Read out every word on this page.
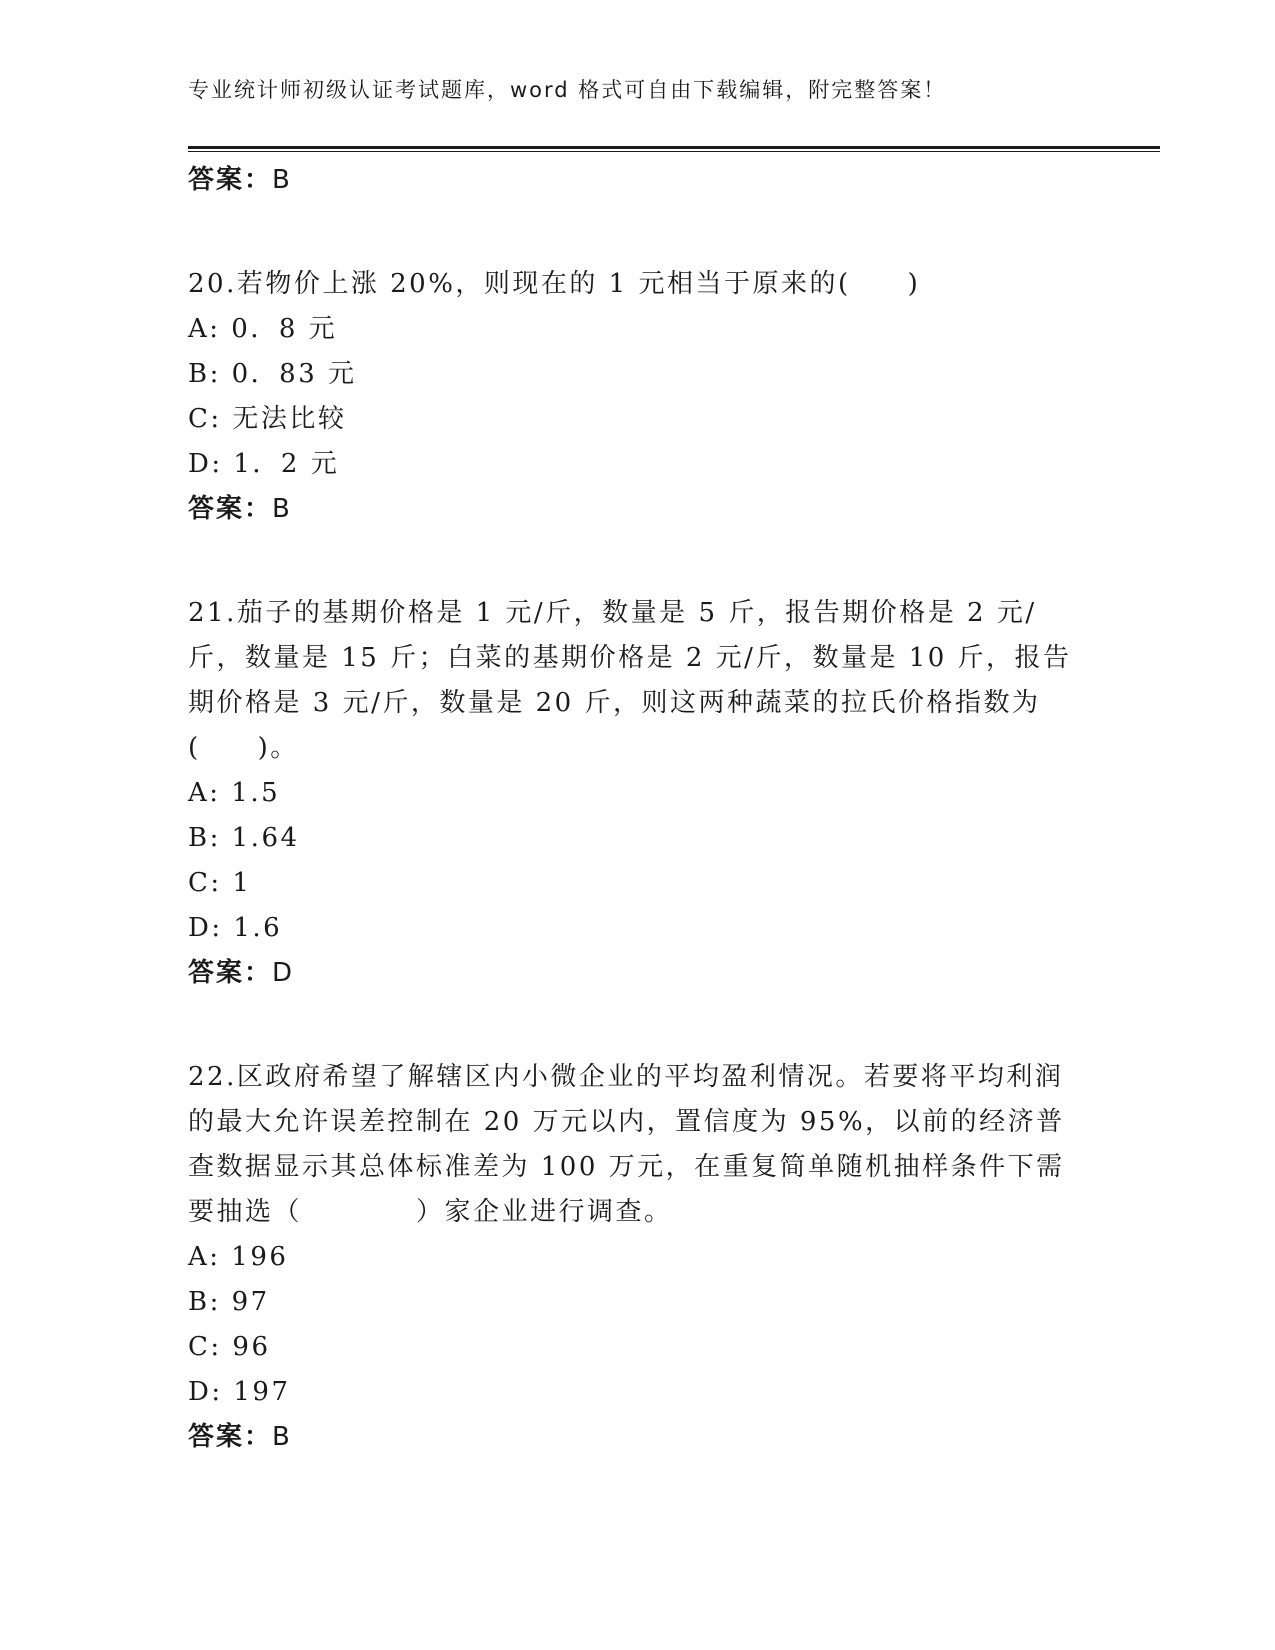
专业统计师初级认证考试题库，word 格式可自由下载编辑，附完整答案！
答案：B
20.若物价上涨 20%，则现在的 1 元相当于原来的(　　)
A: 0．8 元
B: 0．83 元
C: 无法比较
D: 1．2 元
答案：B
21.茄子的基期价格是 1 元/斤，数量是 5 斤，报告期价格是 2 元/斤，数量是 15 斤；白菜的基期价格是 2 元/斤，数量是 10 斤，报告期价格是 3 元/斤，数量是 20 斤，则这两种蔬菜的拉氏价格指数为(　　)。
A: 1.5
B: 1.64
C: 1
D: 1.6
答案：D
22.区政府希望了解辖区内小微企业的平均盈利情况。若要将平均利润的最大允许误差控制在 20 万元以内，置信度为 95%，以前的经济普查数据显示其总体标准差为 100 万元，在重复简单随机抽样条件下需要抽选（　　　　）家企业进行调查。
A: 196
B: 97
C: 96
D: 197
答案：B
